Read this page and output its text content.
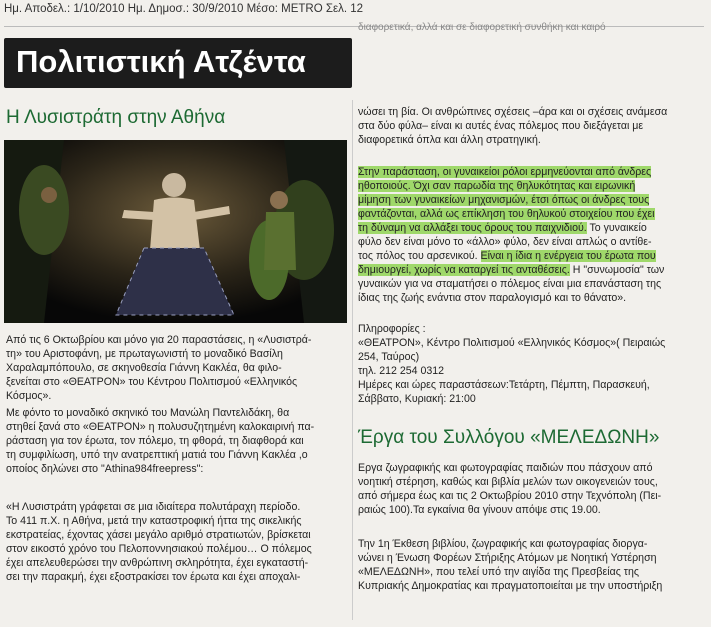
Ημ. Αποδελ.: 1/10/2010 Ημ. Δημοσ.: 30/9/2010 Μέσο: METRO Σελ. 12
διαφορετικά, αλλά και σε διαφορετική συνθήκη και καιρό
Πολιτιστική Ατζέντα
Η Λυσιστράτη στην Αθήνα

Από τις 6 Οκτωβρίου και μόνο για 20 παραστάσεις, η «Λυσιστρά-

τη» του Αριστοφάνη, με πρωταγωνιστή το μοναδικό Βασίλη

Χαραλαμπόπουλο, σε σκηνοθεσία Γιάννη Κακλέα, θα φιλο-

ξενείται στο «ΘΕΑΤΡΟΝ» του Κέντρου Πολιτισμού «Ελληνικός

Κόσμος».

Με φόντο το μοναδικό σκηνικό του Μανώλη Παντελιδάκη, θα

στηθεί ξανά στο «ΘΕΑΤΡΟΝ» η πολυσυζητημένη καλοκαιρινή πα-

ράσταση για τον έρωτα, τον πόλεμο, τη φθορά, τη διαφθορά και

τη συμφιλίωση, υπό την ανατρεπτική ματιά του Γιάννη Κακλέα ,ο

οποίος δηλώνει στο "Athina984freepress":

«Η Λυσιστράτη γράφεται σε μια ιδιαίτερα πολυτάραχη περίοδο.

Το 411 π.Χ. η Αθήνα, μετά την καταστροφική ήττα της σικελικής

εκστρατείας, έχοντας χάσει μεγάλο αριθμό στρατιωτών, βρίσκεται

στον εικοστό χρόνο του Πελοποννησιακού πολέμου… Ο πόλεμος

έχει απελευθερώσει την ανθρώπινη σκληρότητα, έχει εγκαταστή-

σει την παρακμή, έχει εξοστρακίσει τον έρωτα και έχει αποχαλι-

νώσει τη βία. Οι ανθρώπινες σχέσεις –άρα και οι σχέσεις ανάμεσα

στα δύο φύλα– είναι κι αυτές ένας πόλεμος που διεξάγεται με

διαφορετικά όπλα και άλλη στρατηγική.

Στην παράσταση, οι γυναικείοι ρόλοι ερμηνεύονται από άνδρες

ηθοποιούς. Όχι σαν παρωδία της θηλυκότητας και ειρωνική

μίμηση των γυναικείων μηχανισμών, έτσι όπως οι άνδρες τους

φαντάζονται, αλλά ως επίκληση του θηλυκού στοιχείου που έχει

τη δύναμη να αλλάξει τους όρους του παιχνιδιού. Το γυναικείο

φύλο δεν είναι μόνο το «άλλο» φύλο, δεν είναι απλώς ο αντίθε-

τος πόλος του αρσενικού. Είναι η ίδια η ενέργεια του έρωτα που

δημιουργεί, χωρίς να καταργεί τις ανταθέσεις. Η "συνωμοσία" των

γυναικών για να σταματήσει ο πόλεμος είναι μια επανάσταση της

ίδιας της ζωής ενάντια στον παραλογισμό και το θάνατο».

Πληροφορίες :

«ΘΕΑΤΡΟΝ», Κέντρο Πολιτισμού «Ελληνικός Κόσμος»( Πειραιώς

254, Ταύρος)

τηλ. 212 254 0312

Ημέρες και ώρες παραστάσεων:Τετάρτη, Πέμπτη, Παρασκευή,

Σάββατο, Κυριακή: 21:00

Έργα του Συλλόγου «ΜΕΛΕΔΩΝΗ»

Εργα ζωγραφικής και φωτογραφίας παιδιών που πάσχουν από

νοητική στέρηση, καθώς και βιβλία μελών των οικογενειών τους,

από σήμερα έως και τις 2 Οκτωβρίου 2010 στην Τεχνόπολη (Πει-

ραιώς 100).Τα εγκαίνια θα γίνουν απόψε στις 19.00.

Την 1η Έκθεση βιβλίου, ζωγραφικής και φωτογραφίας διοργα-

νώνει η Ένωση Φορέων Στήριξης Ατόμων με Νοητική Υστέρηση

«ΜΕΛΕΔΩΝΗ», που τελεί υπό την αιγίδα της Πρεσβείας της

Κυπριακής Δημοκρατίας και πραγματοποιείται με την υποστήριξη
